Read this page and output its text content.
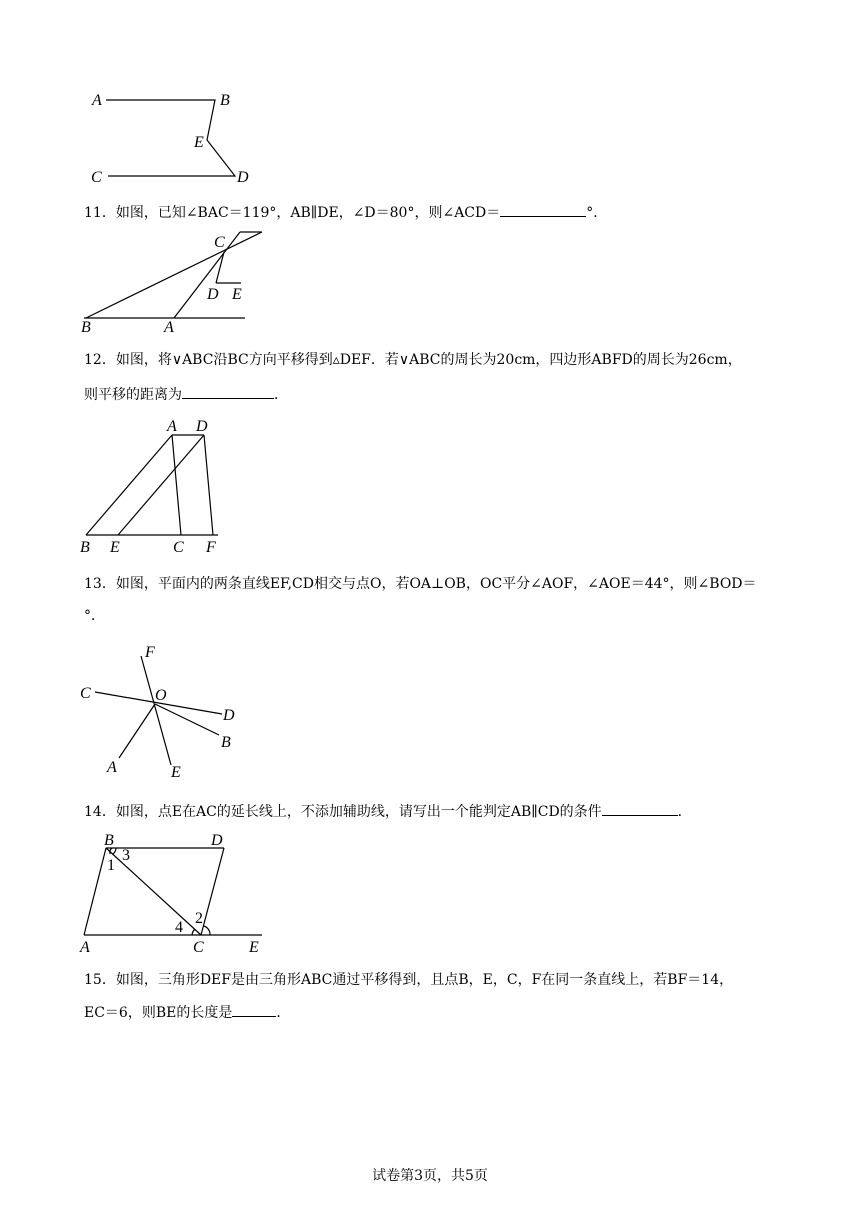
A	B
E
C	D
11．如图，已知∠BAC＝119°，AB∥DE，∠D＝80°，则∠ACD＝	°．
C
D E
B	A
12．如图，将∨ABC沿BC方向平移得到▵DEF．若∨ABC的周长为20cm，四边形ABFD的周长为26cm，
则平移的距离为	．
A D
B E	C F
13．如图，平面内的两条直线EF,CD相交与点O，若OA⊥OB，OC平分∠AOF，∠AOE＝44°，则∠BOD＝
°．
F
C	O
D
B
A	E
14．如图，点E在AC的延长线上，不添加辅助线，请写出一个能判定AB∥CD的条件	．
B	D
3
1
2
4
A	C	E
15．如图，三角形DEF是由三角形ABC通过平移得到，且点B，E，C，F在同一条直线上，若BF＝14，
EC＝6，则BE的长度是	．
试卷第3页，共5页
